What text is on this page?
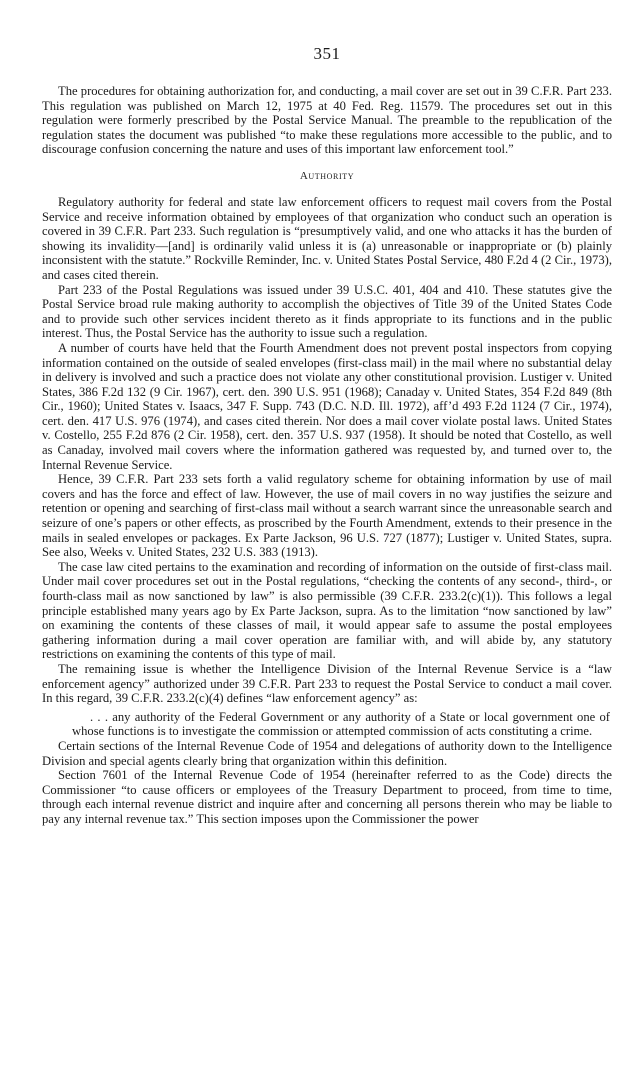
351

The procedures for obtaining authorization for, and conducting, a mail cover are set out in 39 C.F.R. Part 233. This regulation was published on March 12, 1975 at 40 Fed. Reg. 11579. The procedures set out in this regulation were formerly prescribed by the Postal Service Manual. The preamble to the republication of the regulation states the document was published “to make these regulations more accessible to the public, and to discourage confusion concerning the nature and uses of this important law enforcement tool.”

Authority

Regulatory authority for federal and state law enforcement officers to request mail covers from the Postal Service and receive information obtained by employees of that organization who conduct such an operation is covered in 39 C.F.R. Part 233. Such regulation is “presumptively valid, and one who attacks it has the burden of showing its invalidity—[and] is ordinarily valid unless it is (a) unreasonable or inappropriate or (b) plainly inconsistent with the statute.” Rockville Reminder, Inc. v. United States Postal Service, 480 F.2d 4 (2 Cir., 1973), and cases cited therein.

Part 233 of the Postal Regulations was issued under 39 U.S.C. 401, 404 and 410. These statutes give the Postal Service broad rule making authority to accomplish the objectives of Title 39 of the United States Code and to provide such other services incident thereto as it finds appropriate to its functions and in the public interest. Thus, the Postal Service has the authority to issue such a regulation.

A number of courts have held that the Fourth Amendment does not prevent postal inspectors from copying information contained on the outside of sealed envelopes (first-class mail) in the mail where no substantial delay in delivery is involved and such a practice does not violate any other constitutional provision. Lustiger v. United States, 386 F.2d 132 (9 Cir. 1967), cert. den. 390 U.S. 951 (1968); Canaday v. United States, 354 F.2d 849 (8th Cir., 1960); United States v. Isaacs, 347 F. Supp. 743 (D.C. N.D. Ill. 1972), aff’d 493 F.2d 1124 (7 Cir., 1974), cert. den. 417 U.S. 976 (1974), and cases cited therein. Nor does a mail cover violate postal laws. United States v. Costello, 255 F.2d 876 (2 Cir. 1958), cert. den. 357 U.S. 937 (1958). It should be noted that Costello, as well as Canaday, involved mail covers where the information gathered was requested by, and turned over to, the Internal Revenue Service.

Hence, 39 C.F.R. Part 233 sets forth a valid regulatory scheme for obtaining information by use of mail covers and has the force and effect of law. However, the use of mail covers in no way justifies the seizure and retention or opening and searching of first-class mail without a search warrant since the unreasonable search and seizure of one’s papers or other effects, as proscribed by the Fourth Amendment, extends to their presence in the mails in sealed envelopes or packages. Ex Parte Jackson, 96 U.S. 727 (1877); Lustiger v. United States, supra. See also, Weeks v. United States, 232 U.S. 383 (1913).

The case law cited pertains to the examination and recording of information on the outside of first-class mail. Under mail cover procedures set out in the Postal regulations, “checking the contents of any second-, third-, or fourth-class mail as now sanctioned by law” is also permissible (39 C.F.R. 233.2(c)(1)). This follows a legal principle established many years ago by Ex Parte Jackson, supra. As to the limitation “now sanctioned by law” on examining the contents of these classes of mail, it would appear safe to assume the postal employees gathering information during a mail cover operation are familiar with, and will abide by, any statutory restrictions on examining the contents of this type of mail.

The remaining issue is whether the Intelligence Division of the Internal Revenue Service is a “law enforcement agency” authorized under 39 C.F.R. Part 233 to request the Postal Service to conduct a mail cover. In this regard, 39 C.F.R. 233.2(c)(4) defines “law enforcement agency” as:

. . . any authority of the Federal Government or any authority of a State or local government one of whose functions is to investigate the commission or attempted commission of acts constituting a crime.

Certain sections of the Internal Revenue Code of 1954 and delegations of authority down to the Intelligence Division and special agents clearly bring that organization within this definition.

Section 7601 of the Internal Revenue Code of 1954 (hereinafter referred to as the Code) directs the Commissioner “to cause officers or employees of the Treasury Department to proceed, from time to time, through each internal revenue district and inquire after and concerning all persons therein who may be liable to pay any internal revenue tax.” This section imposes upon the Commissioner the power
